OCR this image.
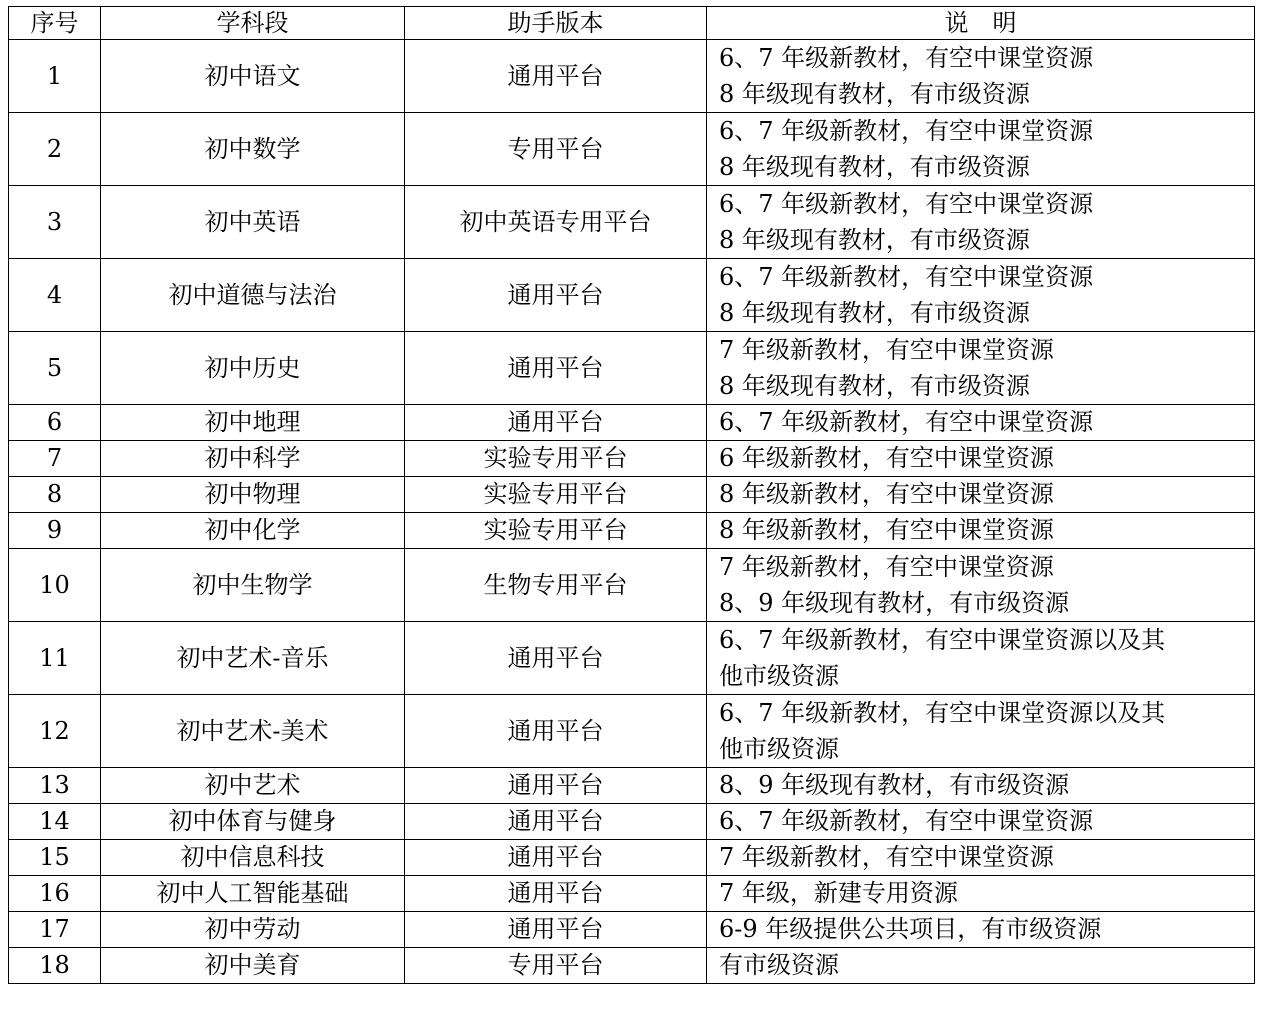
序号	学科段	助手版本	说　明
1	初中语文	通用平台	6、7 年级新教材，有空中课堂资源
8 年级现有教材，有市级资源

2	初中数学	专用平台	6、7 年级新教材，有空中课堂资源
8 年级现有教材，有市级资源

3	初中英语	初中英语专用平台	6、7 年级新教材，有空中课堂资源
8 年级现有教材，有市级资源

4	初中道德与法治	通用平台	6、7 年级新教材，有空中课堂资源
8 年级现有教材，有市级资源

5	初中历史	通用平台	7 年级新教材，有空中课堂资源
8 年级现有教材，有市级资源

6	初中地理	通用平台	6、7 年级新教材，有空中课堂资源

7	初中科学	实验专用平台	6 年级新教材，有空中课堂资源

8	初中物理	实验专用平台	8 年级新教材，有空中课堂资源

9	初中化学	实验专用平台	8 年级新教材，有空中课堂资源

10	初中生物学	生物专用平台	7 年级新教材，有空中课堂资源
8、9 年级现有教材，有市级资源

11	初中艺术-音乐	通用平台	6、7 年级新教材，有空中课堂资源以及其
他市级资源

12	初中艺术-美术	通用平台	6、7 年级新教材，有空中课堂资源以及其
他市级资源

13	初中艺术	通用平台	8、9 年级现有教材，有市级资源

14	初中体育与健身	通用平台	6、7 年级新教材，有空中课堂资源

15	初中信息科技	通用平台	7 年级新教材，有空中课堂资源

16	初中人工智能基础	通用平台	7 年级，新建专用资源

17	初中劳动	通用平台	6-9 年级提供公共项目，有市级资源

18	初中美育	专用平台	有市级资源
